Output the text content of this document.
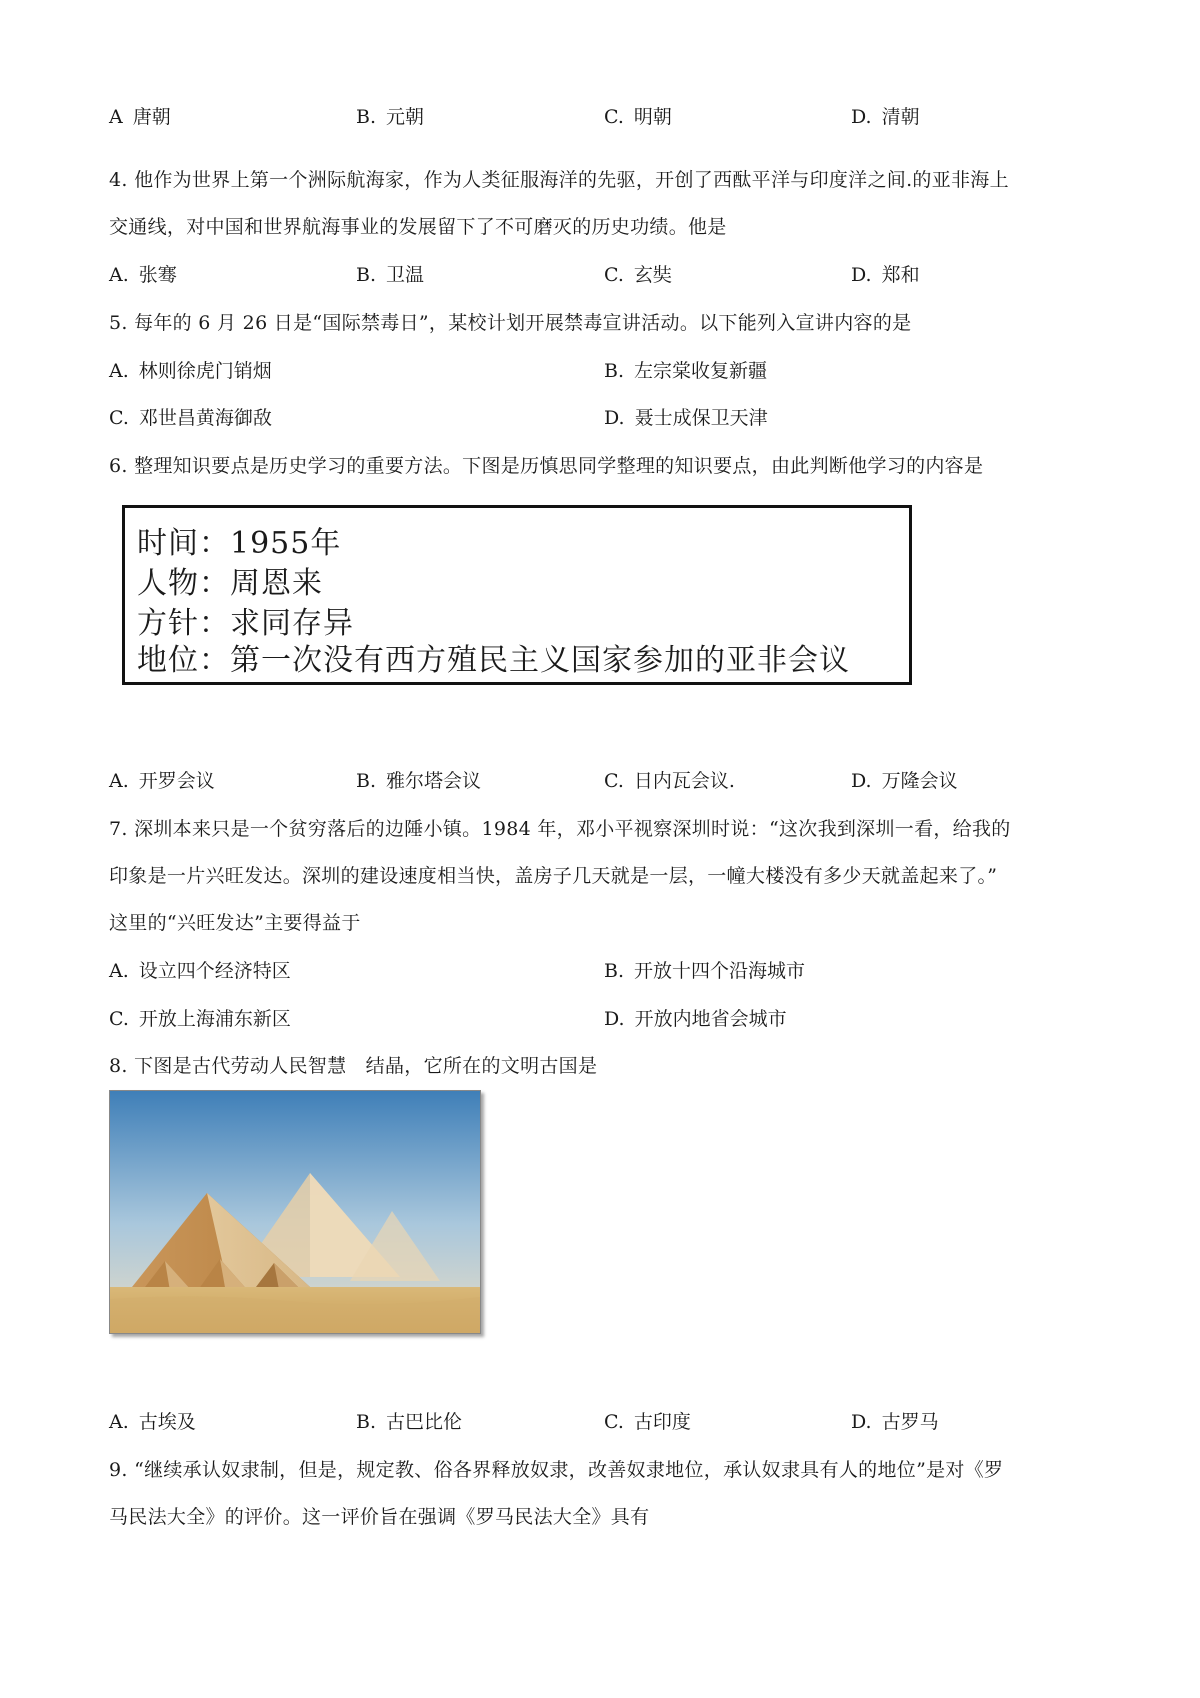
A 唐朝	B. 元朝	C. 明朝	D. 清朝
4. 他作为世界上第一个洲际航海家，作为人类征服海洋的先驱，开创了西酞平洋与印度洋之间.的亚非海上
交通线，对中国和世界航海事业的发展留下了不可磨灭的历史功绩。他是
A. 张骞	B. 卫温	C. 玄奘	D. 郑和
5. 每年的 6 月 26 日是“国际禁毒日”，某校计划开展禁毒宣讲活动。以下能列入宣讲内容的是
A. 林则徐虎门销烟	B. 左宗棠收复新疆
C. 邓世昌黄海御敌	D. 聂士成保卫天津
6. 整理知识要点是历史学习的重要方法。下图是历慎思同学整理的知识要点，由此判断他学习的内容是
时间：1955年
人物：周恩来
方针：求同存异
地位：第一次没有西方殖民主义国家参加的亚非会议
A. 开罗会议	B. 雅尔塔会议	C. 日内瓦会议.	D. 万隆会议
7. 深圳本来只是一个贫穷落后的边陲小镇。1984 年，邓小平视察深圳时说：“这次我到深圳一看，给我的
印象是一片兴旺发达。深圳的建设速度相当快，盖房子几天就是一层，一幢大楼没有多少天就盖起来了。”
这里的“兴旺发达”主要得益于
A. 设立四个经济特区	B. 开放十四个沿海城市
C. 开放上海浦东新区	D. 开放内地省会城市
8. 下图是古代劳动人民智慧　结晶，它所在的文明古国是
A. 古埃及	B. 古巴比伦	C. 古印度	D. 古罗马
9. “继续承认奴隶制，但是，规定教、俗各界释放奴隶，改善奴隶地位，承认奴隶具有人的地位”是对《罗
马民法大全》的评价。这一评价旨在强调《罗马民法大全》具有
